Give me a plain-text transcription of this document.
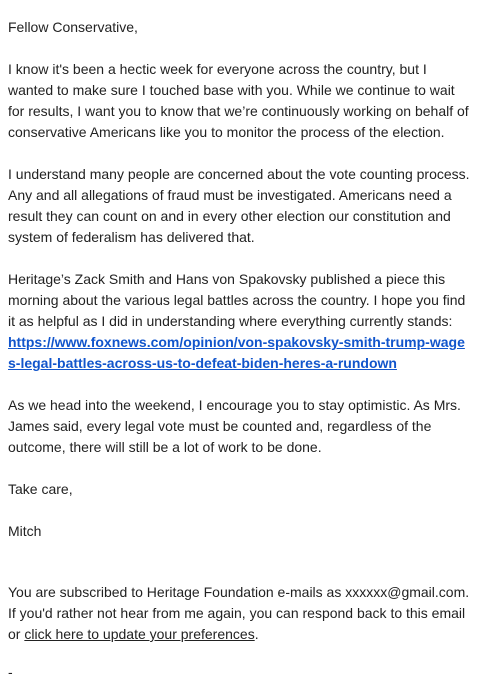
Fellow Conservative,

I know it's been a hectic week for everyone across the country, but I wanted to make sure I touched base with you. While we continue to wait for results, I want you to know that we’re continuously working on behalf of conservative Americans like you to monitor the process of the election.

I understand many people are concerned about the vote counting process. Any and all allegations of fraud must be investigated. Americans need a result they can count on and in every other election our constitution and system of federalism has delivered that.

Heritage’s Zack Smith and Hans von Spakovsky published a piece this morning about the various legal battles across the country. I hope you find it as helpful as I did in understanding where everything currently stands:
https://www.foxnews.com/opinion/von-spakovsky-smith-trump-wages-legal-battles-across-us-to-defeat-biden-heres-a-rundown

As we head into the weekend, I encourage you to stay optimistic. As Mrs. James said, every legal vote must be counted and, regardless of the outcome, there will still be a lot of work to be done.

Take care,

Mitch

You are subscribed to Heritage Foundation e-mails as xxxxxx@gmail.com. If you'd rather not hear from me again, you can respond back to this email or click here to update your preferences.

-
